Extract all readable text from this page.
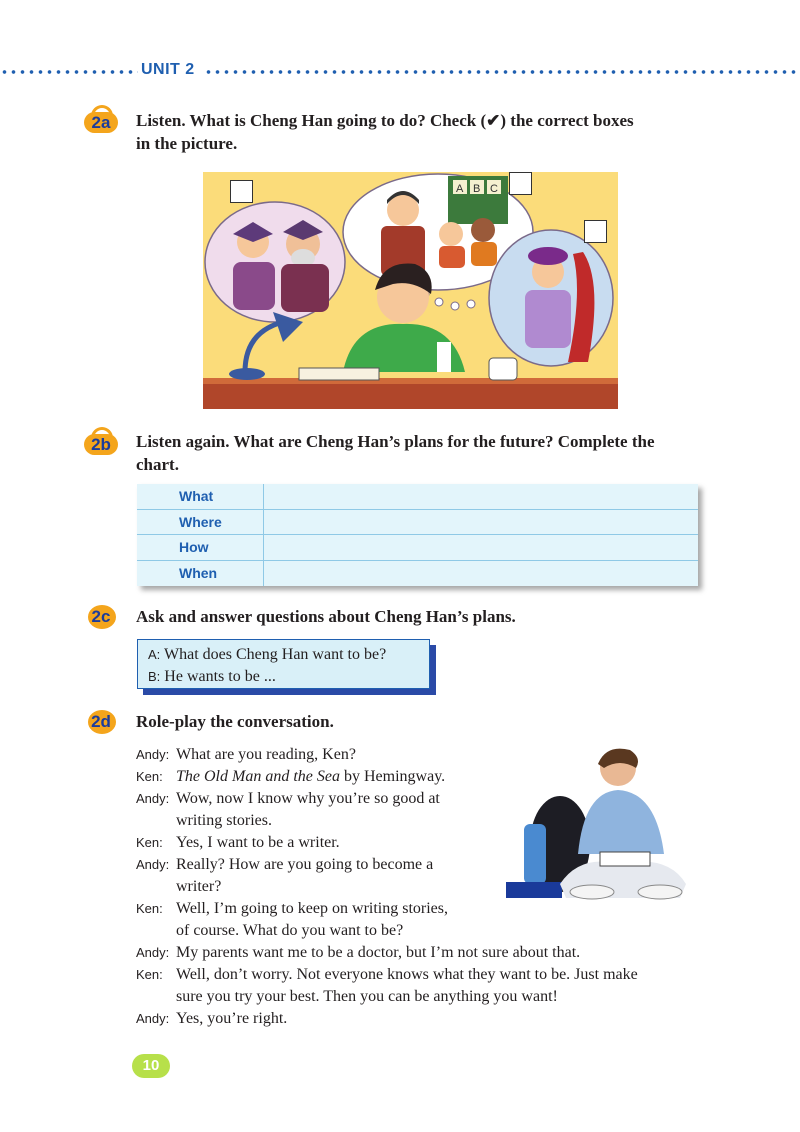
UNIT 2
2a	Listen. What is Cheng Han going to do? Check (✔) the correct boxes
in the picture.
A B C
2b	Listen again. What are Cheng Han’s plans for the future? Complete the
chart.
What
Where
How
When
2c	Ask and answer questions about Cheng Han’s plans.
A: What does Cheng Han want to be?
B: He wants to be ...
2d	Role-play the conversation.
Andy: What are you reading, Ken?
Ken: The Old Man and the Sea by Hemingway.
Andy: Wow, now I know why you’re so good at
writing stories.
Ken: Yes, I want to be a writer.
Andy: Really? How are you going to become a
writer?
Ken: Well, I’m going to keep on writing stories,
of course. What do you want to be?
Andy: My parents want me to be a doctor, but I’m not sure about that.
Ken: Well, don’t worry. Not everyone knows what they want to be. Just make
sure you try your best. Then you can be anything you want!
Andy: Yes, you’re right.
10
